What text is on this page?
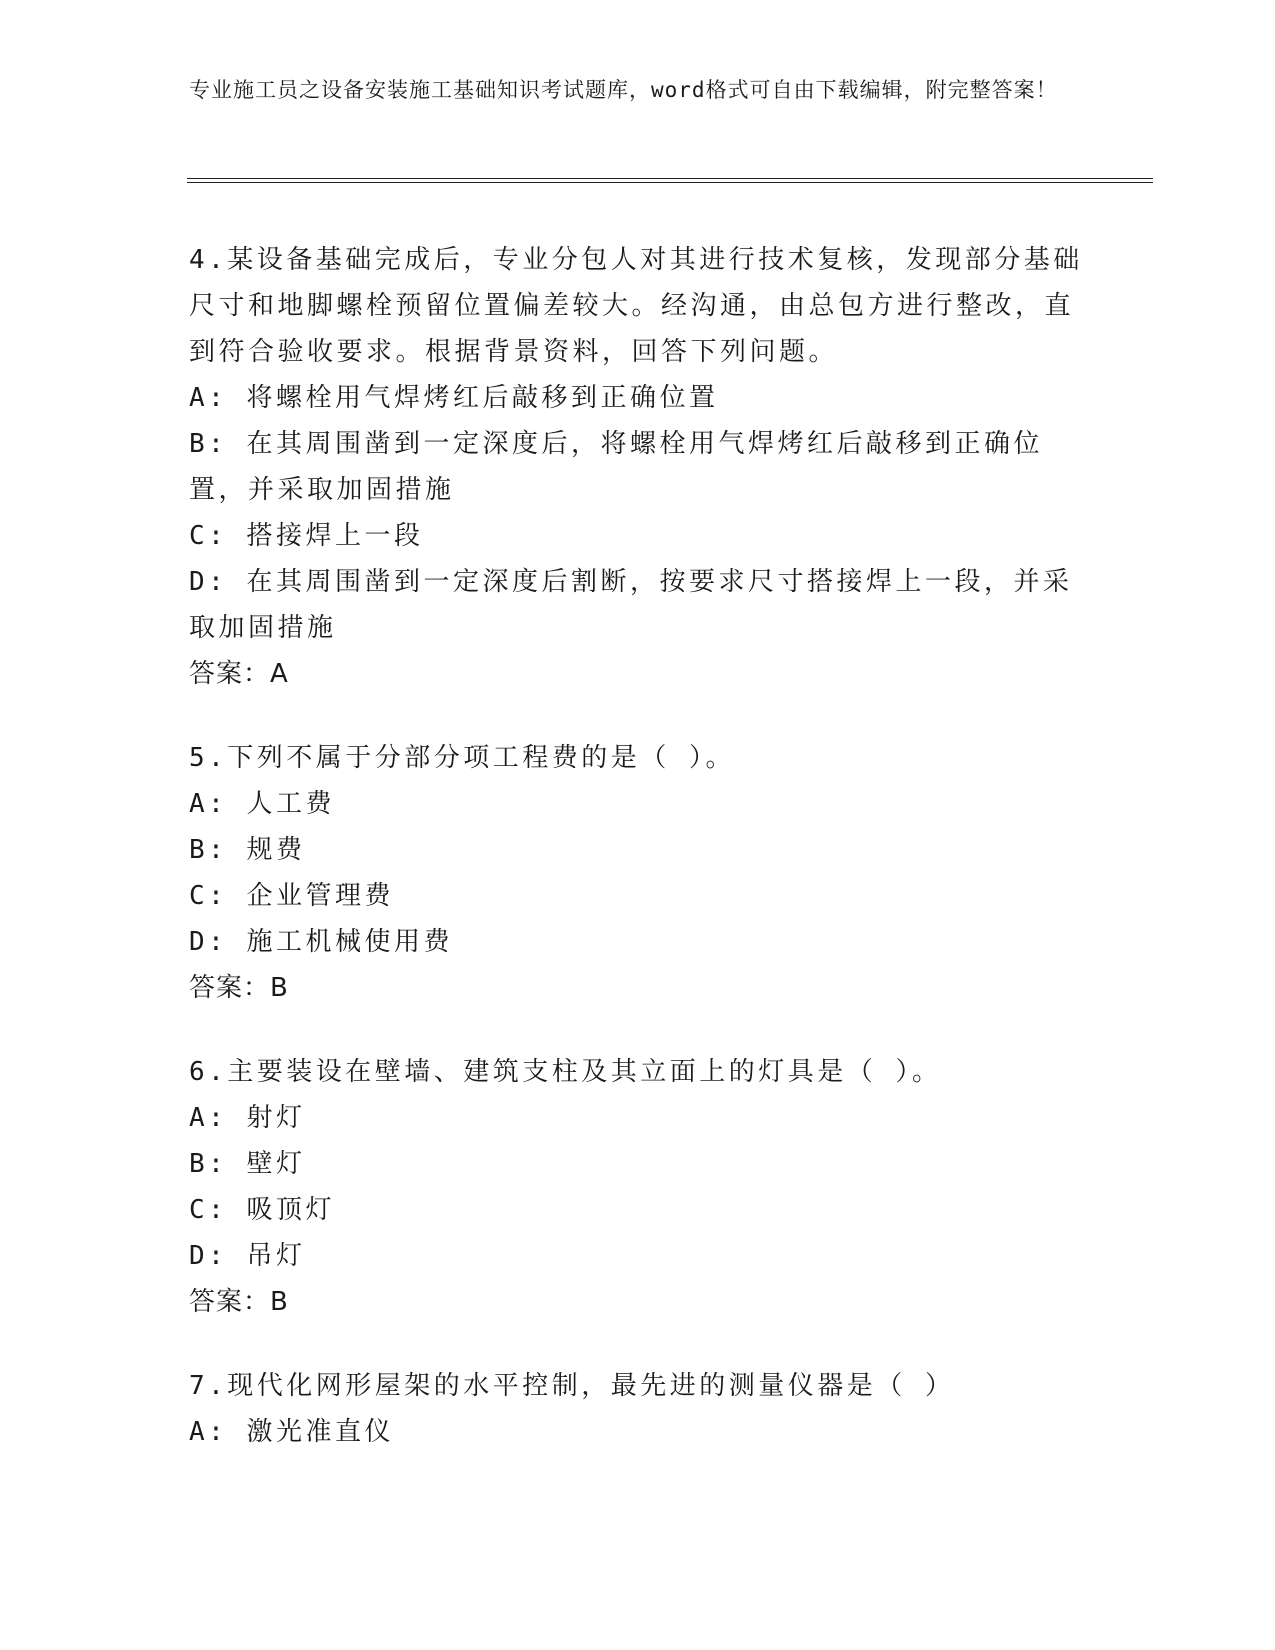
专业施工员之设备安装施工基础知识考试题库，word格式可自由下载编辑，附完整答案！

4.某设备基础完成后，专业分包人对其进行技术复核，发现部分基础尺寸和地脚螺栓预留位置偏差较大。经沟通，由总包方进行整改，直到符合验收要求。根据背景资料，回答下列问题。

A: 将螺栓用气焊烤红后敲移到正确位置

B: 在其周围凿到一定深度后，将螺栓用气焊烤红后敲移到正确位置，并采取加固措施

C: 搭接焊上一段

D: 在其周围凿到一定深度后割断，按要求尺寸搭接焊上一段，并采取加固措施

答案：A

5.下列不属于分部分项工程费的是（ ）。

A: 人工费

B: 规费

C: 企业管理费

D: 施工机械使用费

答案：B

6.主要装设在壁墙、建筑支柱及其立面上的灯具是（ ）。

A: 射灯

B: 壁灯

C: 吸顶灯

D: 吊灯

答案：B

7.现代化网形屋架的水平控制，最先进的测量仪器是（ ）

A: 激光准直仪
